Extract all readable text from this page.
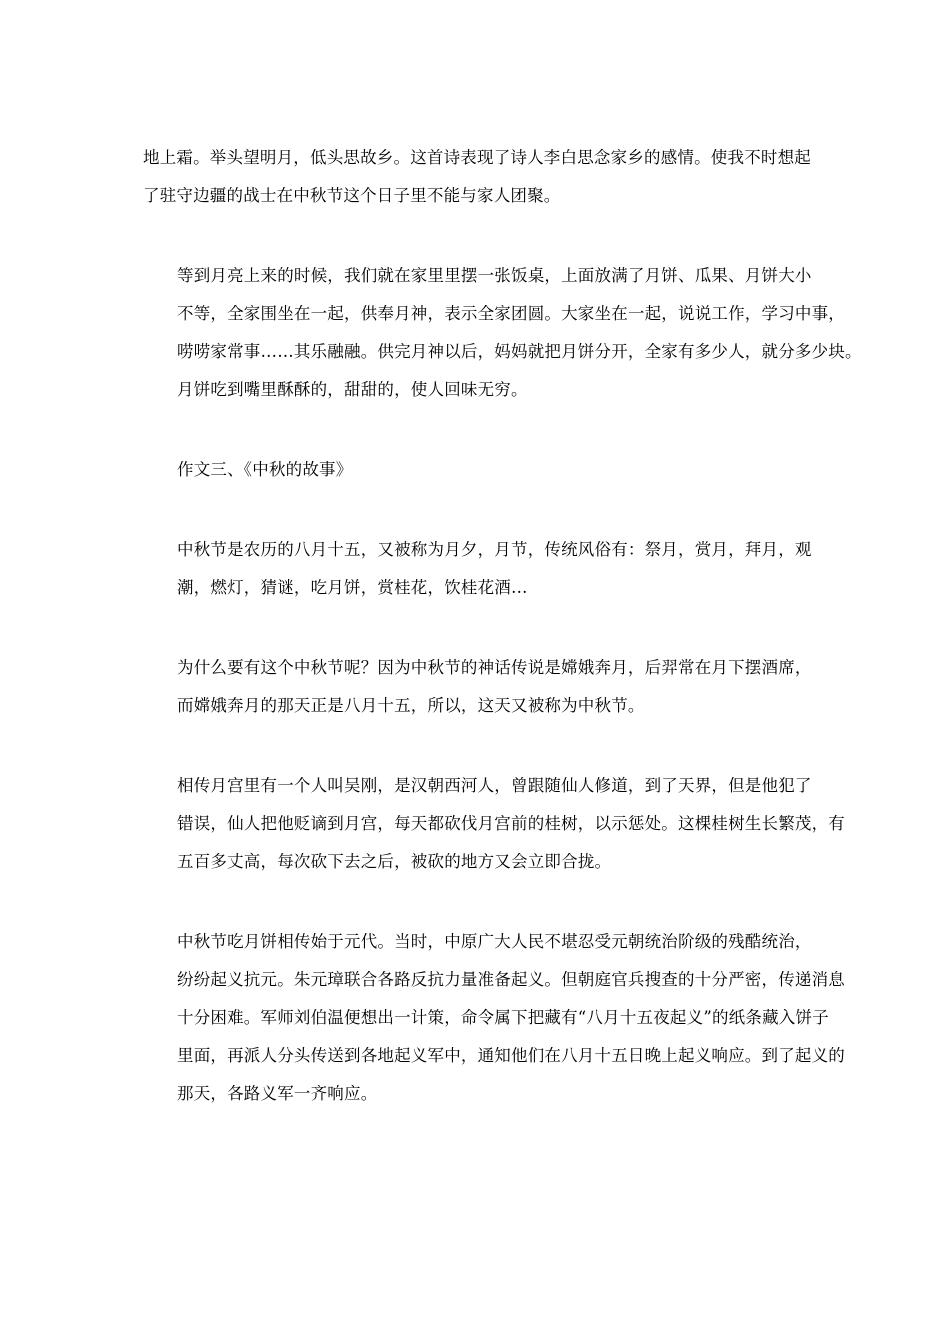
地上霜。举头望明月，低头思故乡。这首诗表现了诗人李白思念家乡的感情。使我不时想起
了驻守边疆的战士在中秋节这个日子里不能与家人团聚。

等到月亮上来的时候，我们就在家里里摆一张饭桌，上面放满了月饼、瓜果、月饼大小
不等，全家围坐在一起，供奉月神，表示全家团圆。大家坐在一起，说说工作，学习中事，
唠唠家常事……其乐融融。供完月神以后，妈妈就把月饼分开，全家有多少人，就分多少块。
月饼吃到嘴里酥酥的，甜甜的，使人回味无穷。

作文三、《中秋的故事》

中秋节是农历的八月十五，又被称为月夕，月节，传统风俗有：祭月，赏月，拜月，观
潮，燃灯，猜谜，吃月饼，赏桂花，饮桂花酒…

为什么要有这个中秋节呢？因为中秋节的神话传说是嫦娥奔月，后羿常在月下摆酒席，
而嫦娥奔月的那天正是八月十五，所以，这天又被称为中秋节。

相传月宫里有一个人叫吴刚，是汉朝西河人，曾跟随仙人修道，到了天界，但是他犯了
错误，仙人把他贬谪到月宫，每天都砍伐月宫前的桂树，以示惩处。这棵桂树生长繁茂，有
五百多丈高，每次砍下去之后，被砍的地方又会立即合拢。

中秋节吃月饼相传始于元代。当时，中原广大人民不堪忍受元朝统治阶级的残酷统治，
纷纷起义抗元。朱元璋联合各路反抗力量准备起义。但朝庭官兵搜查的十分严密，传递消息
十分困难。军师刘伯温便想出一计策，命令属下把藏有“八月十五夜起义”的纸条藏入饼子
里面，再派人分头传送到各地起义军中，通知他们在八月十五日晚上起义响应。到了起义的
那天，各路义军一齐响应。
